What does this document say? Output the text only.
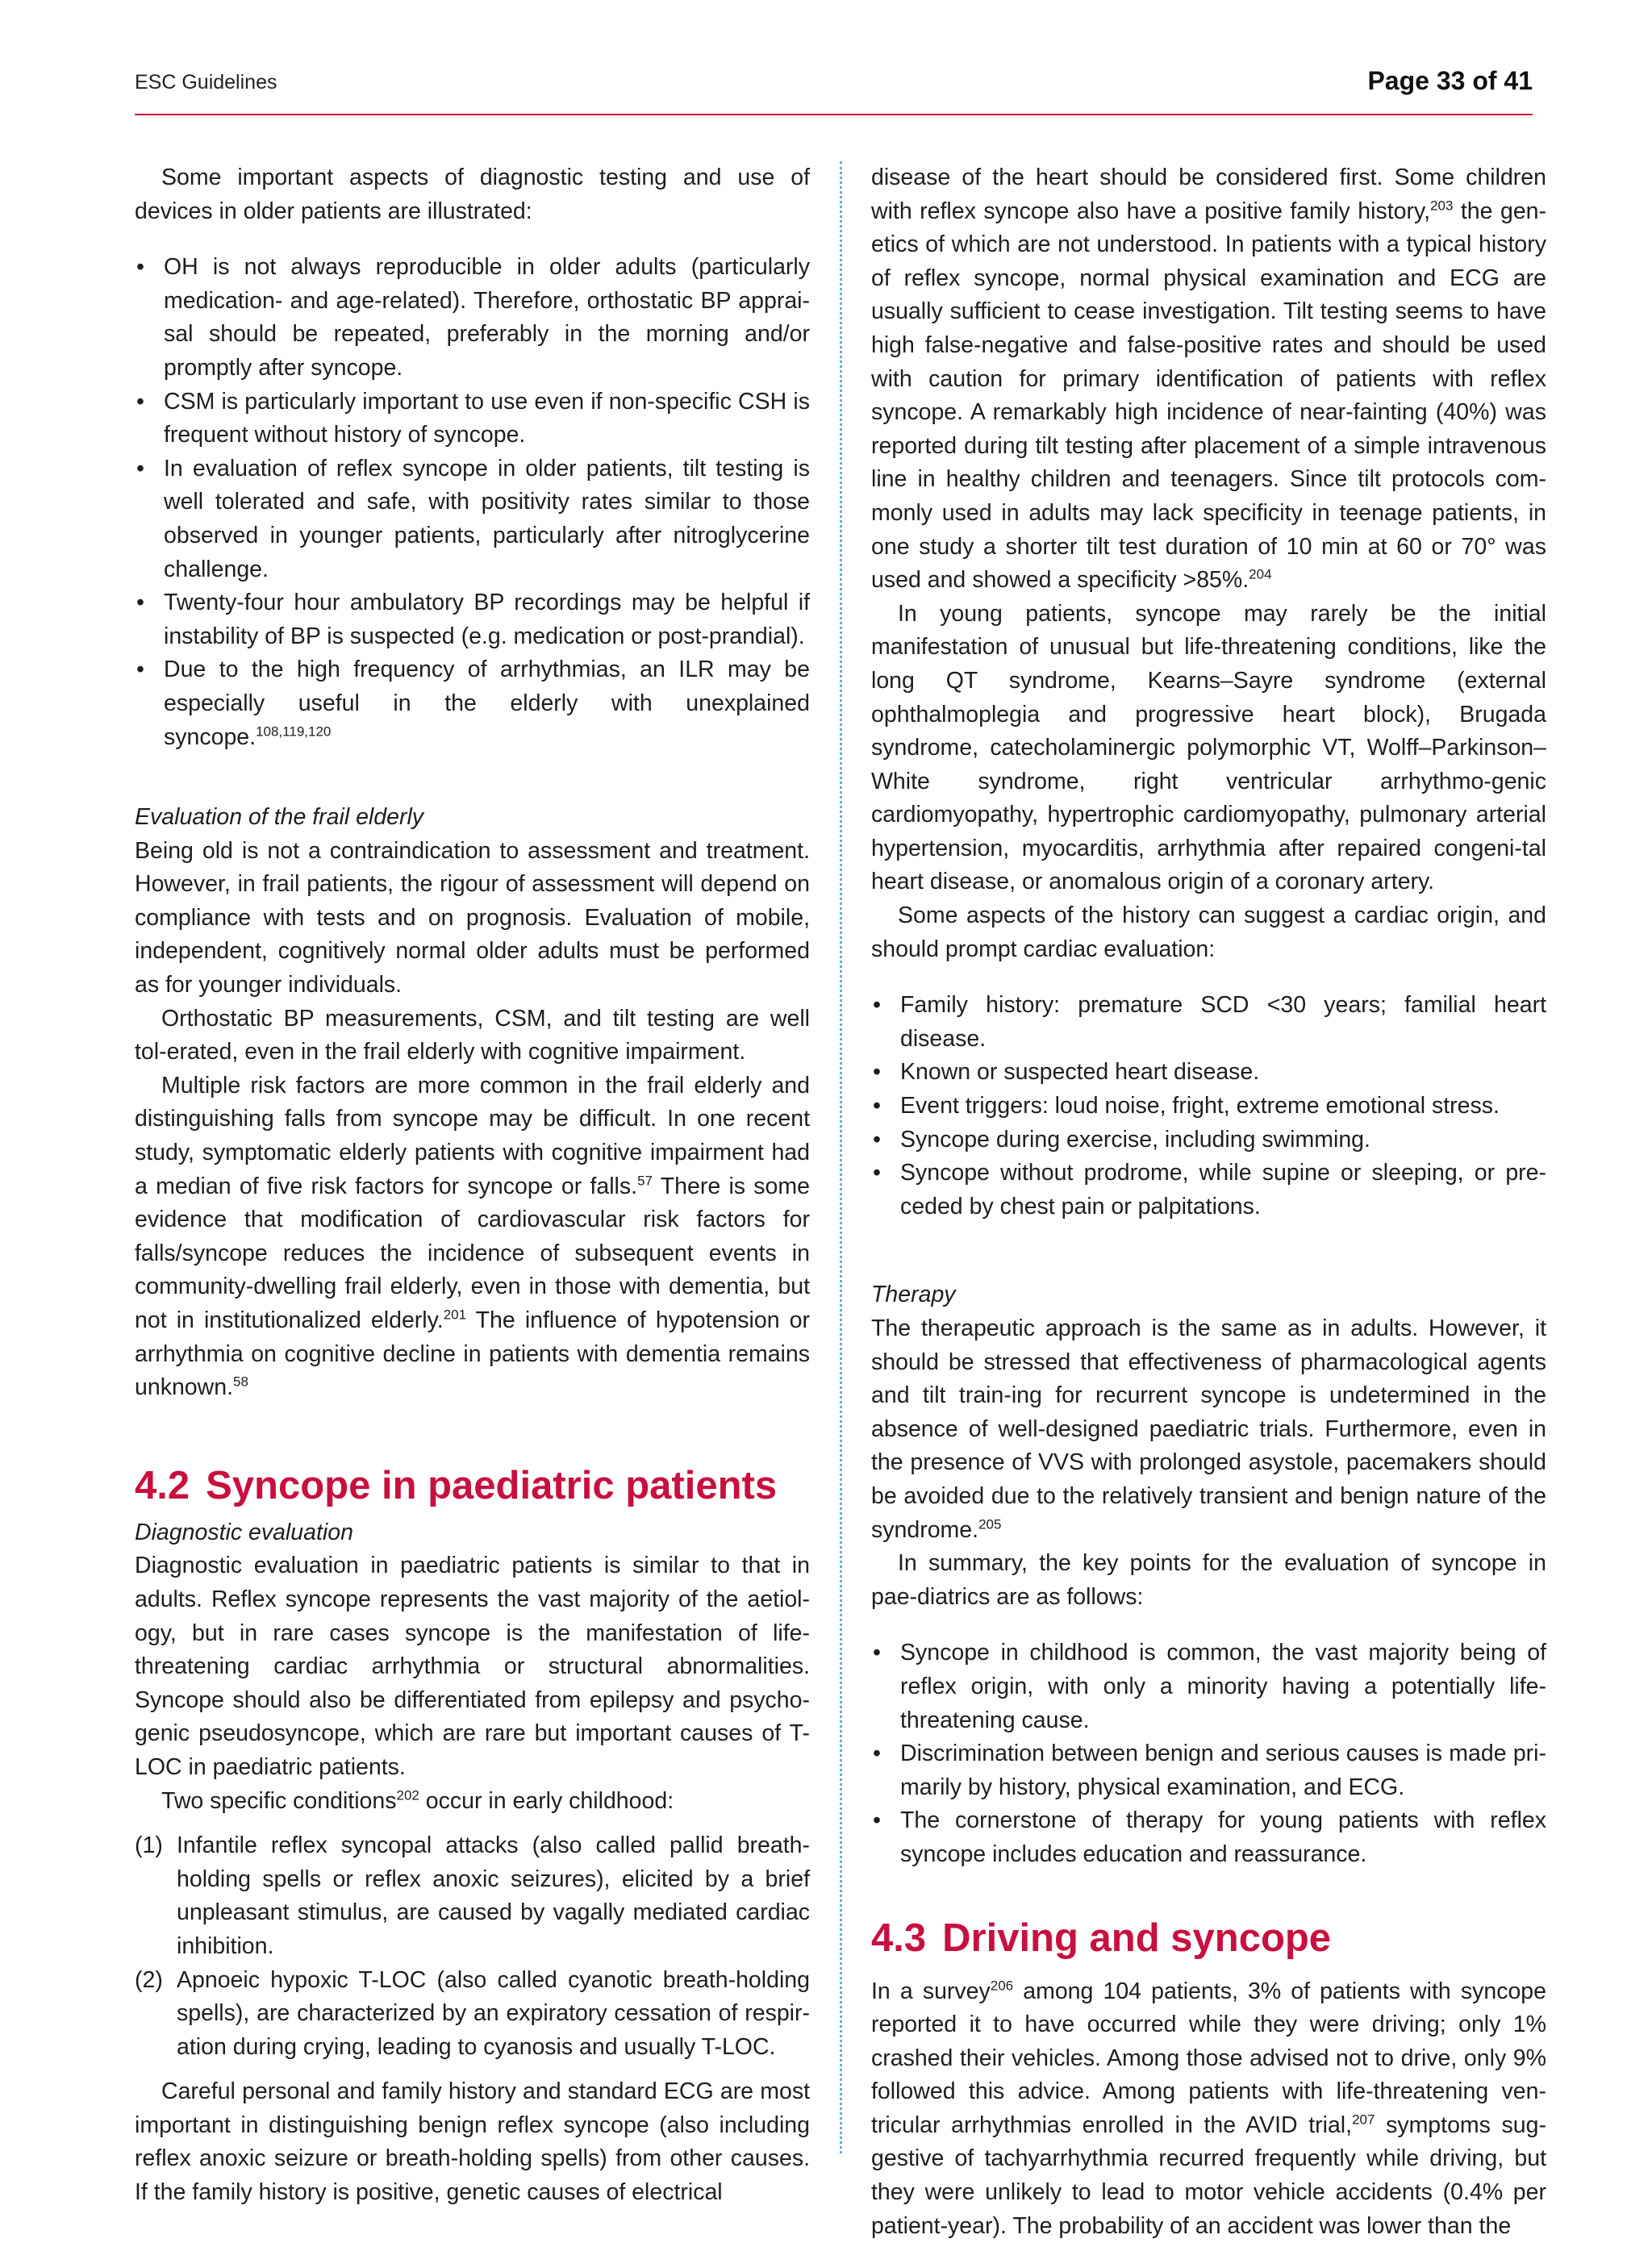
ESC Guidelines	Page 33 of 41

Some important aspects of diagnostic testing and use of devices in older patients are illustrated:

• OH is not always reproducible in older adults (particularly medication- and age-related). Therefore, orthostatic BP apprai-sal should be repeated, preferably in the morning and/or promptly after syncope.
• CSM is particularly important to use even if non-specific CSH is frequent without history of syncope.
• In evaluation of reflex syncope in older patients, tilt testing is well tolerated and safe, with positivity rates similar to those observed in younger patients, particularly after nitroglycerine challenge.
• Twenty-four hour ambulatory BP recordings may be helpful if instability of BP is suspected (e.g. medication or post-prandial).
• Due to the high frequency of arrhythmias, an ILR may be especially useful in the elderly with unexplained syncope.$^{108,119,120}$

Evaluation of the frail elderly

Being old is not a contraindication to assessment and treatment. However, in frail patients, the rigour of assessment will depend on compliance with tests and on prognosis. Evaluation of mobile, independent, cognitively normal older adults must be performed as for younger individuals.

Orthostatic BP measurements, CSM, and tilt testing are well tol-erated, even in the frail elderly with cognitive impairment.

Multiple risk factors are more common in the frail elderly and distinguishing falls from syncope may be difficult. In one recent study, symptomatic elderly patients with cognitive impairment had a median of five risk factors for syncope or falls.$^{57}$ There is some evidence that modification of cardiovascular risk factors for falls/syncope reduces the incidence of subsequent events in community-dwelling frail elderly, even in those with dementia, but not in institutionalized elderly.$^{201}$ The influence of hypotension or arrhythmia on cognitive decline in patients with dementia remains unknown.$^{58}$

4.2 Syncope in paediatric patients

Diagnostic evaluation

Diagnostic evaluation in paediatric patients is similar to that in adults. Reflex syncope represents the vast majority of the aetiol-ogy, but in rare cases syncope is the manifestation of life-threatening cardiac arrhythmia or structural abnormalities. Syncope should also be differentiated from epilepsy and psycho-genic pseudosyncope, which are rare but important causes of T-LOC in paediatric patients.

Two specific conditions$^{202}$ occur in early childhood:

(1) Infantile reflex syncopal attacks (also called pallid breath-holding spells or reflex anoxic seizures), elicited by a brief unpleasant stimulus, are caused by vagally mediated cardiac inhibition.
(2) Apnoeic hypoxic T-LOC (also called cyanotic breath-holding spells), are characterized by an expiratory cessation of respir-ation during crying, leading to cyanosis and usually T-LOC.

Careful personal and family history and standard ECG are most important in distinguishing benign reflex syncope (also including reflex anoxic seizure or breath-holding spells) from other causes. If the family history is positive, genetic causes of electrical

disease of the heart should be considered first. Some children with reflex syncope also have a positive family history,$^{203}$ the gen-etics of which are not understood. In patients with a typical history of reflex syncope, normal physical examination and ECG are usually sufficient to cease investigation. Tilt testing seems to have high false-negative and false-positive rates and should be used with caution for primary identification of patients with reflex syncope. A remarkably high incidence of near-fainting (40%) was reported during tilt testing after placement of a simple intravenous line in healthy children and teenagers. Since tilt protocols com-monly used in adults may lack specificity in teenage patients, in one study a shorter tilt test duration of 10 min at 60 or 70° was used and showed a specificity >85%.$^{204}$

In young patients, syncope may rarely be the initial manifestation of unusual but life-threatening conditions, like the long QT syndrome, Kearns–Sayre syndrome (external ophthalmoplegia and progressive heart block), Brugada syndrome, catecholaminergic polymorphic VT, Wolff–Parkinson–White syndrome, right ventricular arrhythmo-genic cardiomyopathy, hypertrophic cardiomyopathy, pulmonary arterial hypertension, myocarditis, arrhythmia after repaired congeni-tal heart disease, or anomalous origin of a coronary artery.

Some aspects of the history can suggest a cardiac origin, and should prompt cardiac evaluation:

• Family history: premature SCD <30 years; familial heart disease.
• Known or suspected heart disease.
• Event triggers: loud noise, fright, extreme emotional stress.
• Syncope during exercise, including swimming.
• Syncope without prodrome, while supine or sleeping, or pre-ceded by chest pain or palpitations.

Therapy

The therapeutic approach is the same as in adults. However, it should be stressed that effectiveness of pharmacological agents and tilt train-ing for recurrent syncope is undetermined in the absence of well-designed paediatric trials. Furthermore, even in the presence of VVS with prolonged asystole, pacemakers should be avoided due to the relatively transient and benign nature of the syndrome.$^{205}$

In summary, the key points for the evaluation of syncope in pae-diatrics are as follows:

• Syncope in childhood is common, the vast majority being of reflex origin, with only a minority having a potentially life-threatening cause.
• Discrimination between benign and serious causes is made pri-marily by history, physical examination, and ECG.
• The cornerstone of therapy for young patients with reflex syncope includes education and reassurance.
4.3 Driving and syncope

In a survey$^{206}$ among 104 patients, 3% of patients with syncope reported it to have occurred while they were driving; only 1% crashed their vehicles. Among those advised not to drive, only 9% followed this advice. Among patients with life-threatening ven-tricular arrhythmias enrolled in the AVID trial,$^{207}$ symptoms sug-gestive of tachyarrhythmia recurred frequently while driving, but they were unlikely to lead to motor vehicle accidents (0.4% per patient-year). The probability of an accident was lower than the
